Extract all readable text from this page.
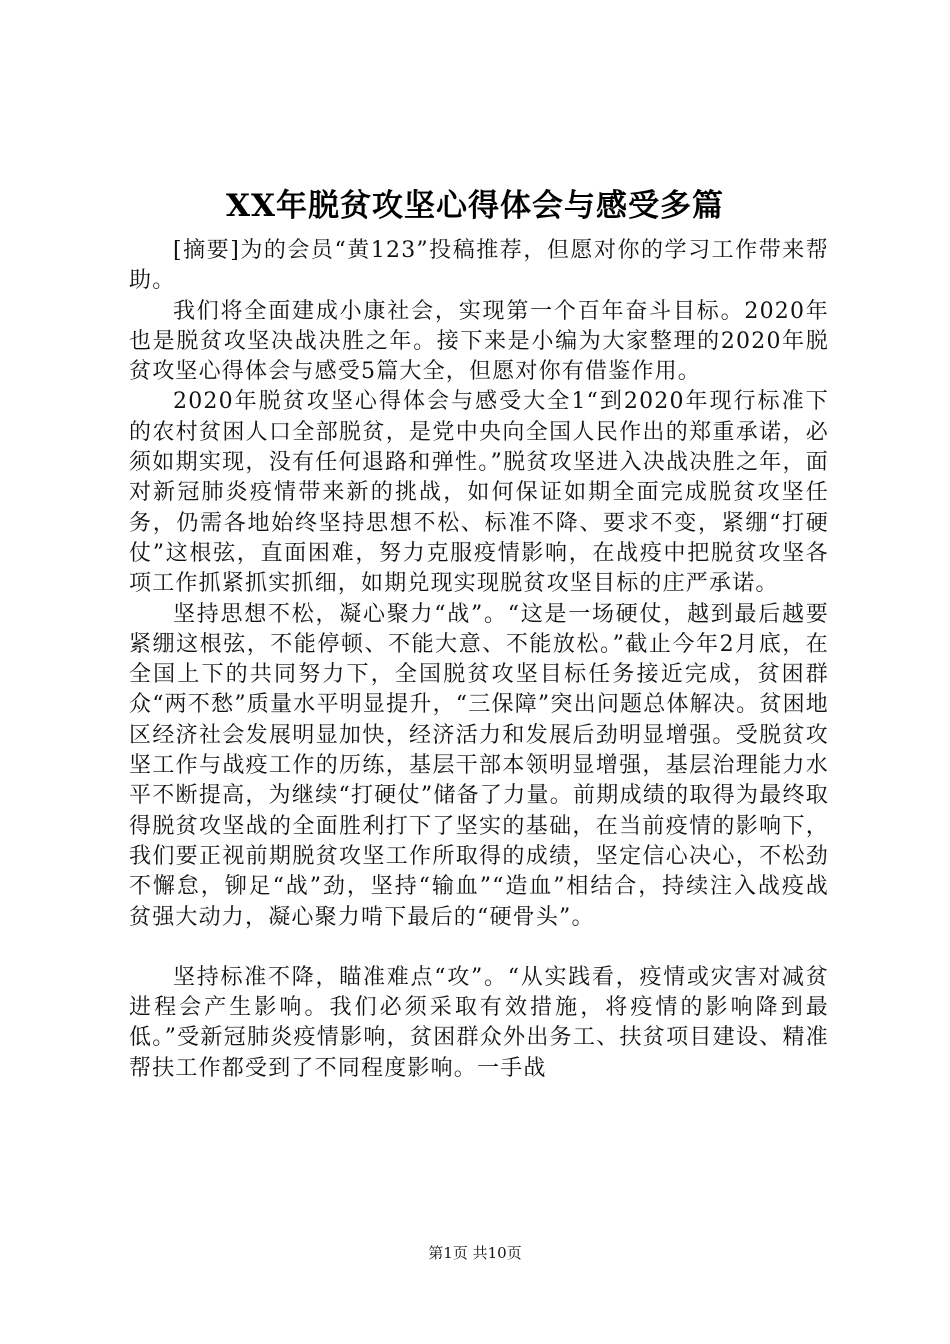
XX年脱贫攻坚心得体会与感受多篇

[摘要]为的会员“黄123”投稿推荐，但愿对你的学习工作带来帮助。

我们将全面建成小康社会，实现第一个百年奋斗目标。2020年也是脱贫攻坚决战决胜之年。接下来是小编为大家整理的2020年脱贫攻坚心得体会与感受5篇大全，但愿对你有借鉴作用。

2020年脱贫攻坚心得体会与感受大全1“到2020年现行标准下的农村贫困人口全部脱贫，是党中央向全国人民作出的郑重承诺，必须如期实现，没有任何退路和弹性。”脱贫攻坚进入决战决胜之年，面对新冠肺炎疫情带来新的挑战，如何保证如期全面完成脱贫攻坚任务，仍需各地始终坚持思想不松、标准不降、要求不变，紧绷“打硬仗”这根弦，直面困难，努力克服疫情影响，在战疫中把脱贫攻坚各项工作抓紧抓实抓细，如期兑现实现脱贫攻坚目标的庄严承诺。

坚持思想不松，凝心聚力“战”。“这是一场硬仗，越到最后越要紧绷这根弦，不能停顿、不能大意、不能放松。”截止今年2月底，在全国上下的共同努力下，全国脱贫攻坚目标任务接近完成，贫困群众“两不愁”质量水平明显提升，“三保障”突出问题总体解决。贫困地区经济社会发展明显加快，经济活力和发展后劲明显增强。受脱贫攻坚工作与战疫工作的历练，基层干部本领明显增强，基层治理能力水平不断提高，为继续“打硬仗”储备了力量。前期成绩的取得为最终取得脱贫攻坚战的全面胜利打下了坚实的基础，在当前疫情的影响下，我们要正视前期脱贫攻坚工作所取得的成绩，坚定信心决心，不松劲不懈怠，铆足“战”劲，坚持“输血”“造血”相结合，持续注入战疫战贫强大动力，凝心聚力啃下最后的“硬骨头”。

坚持标准不降，瞄准难点“攻”。“从实践看，疫情或灾害对减贫进程会产生影响。我们必须采取有效措施，将疫情的影响降到最低。”受新冠肺炎疫情影响，贫困群众外出务工、扶贫项目建设、精准帮扶工作都受到了不同程度影响。一手战

第1页 共10页
